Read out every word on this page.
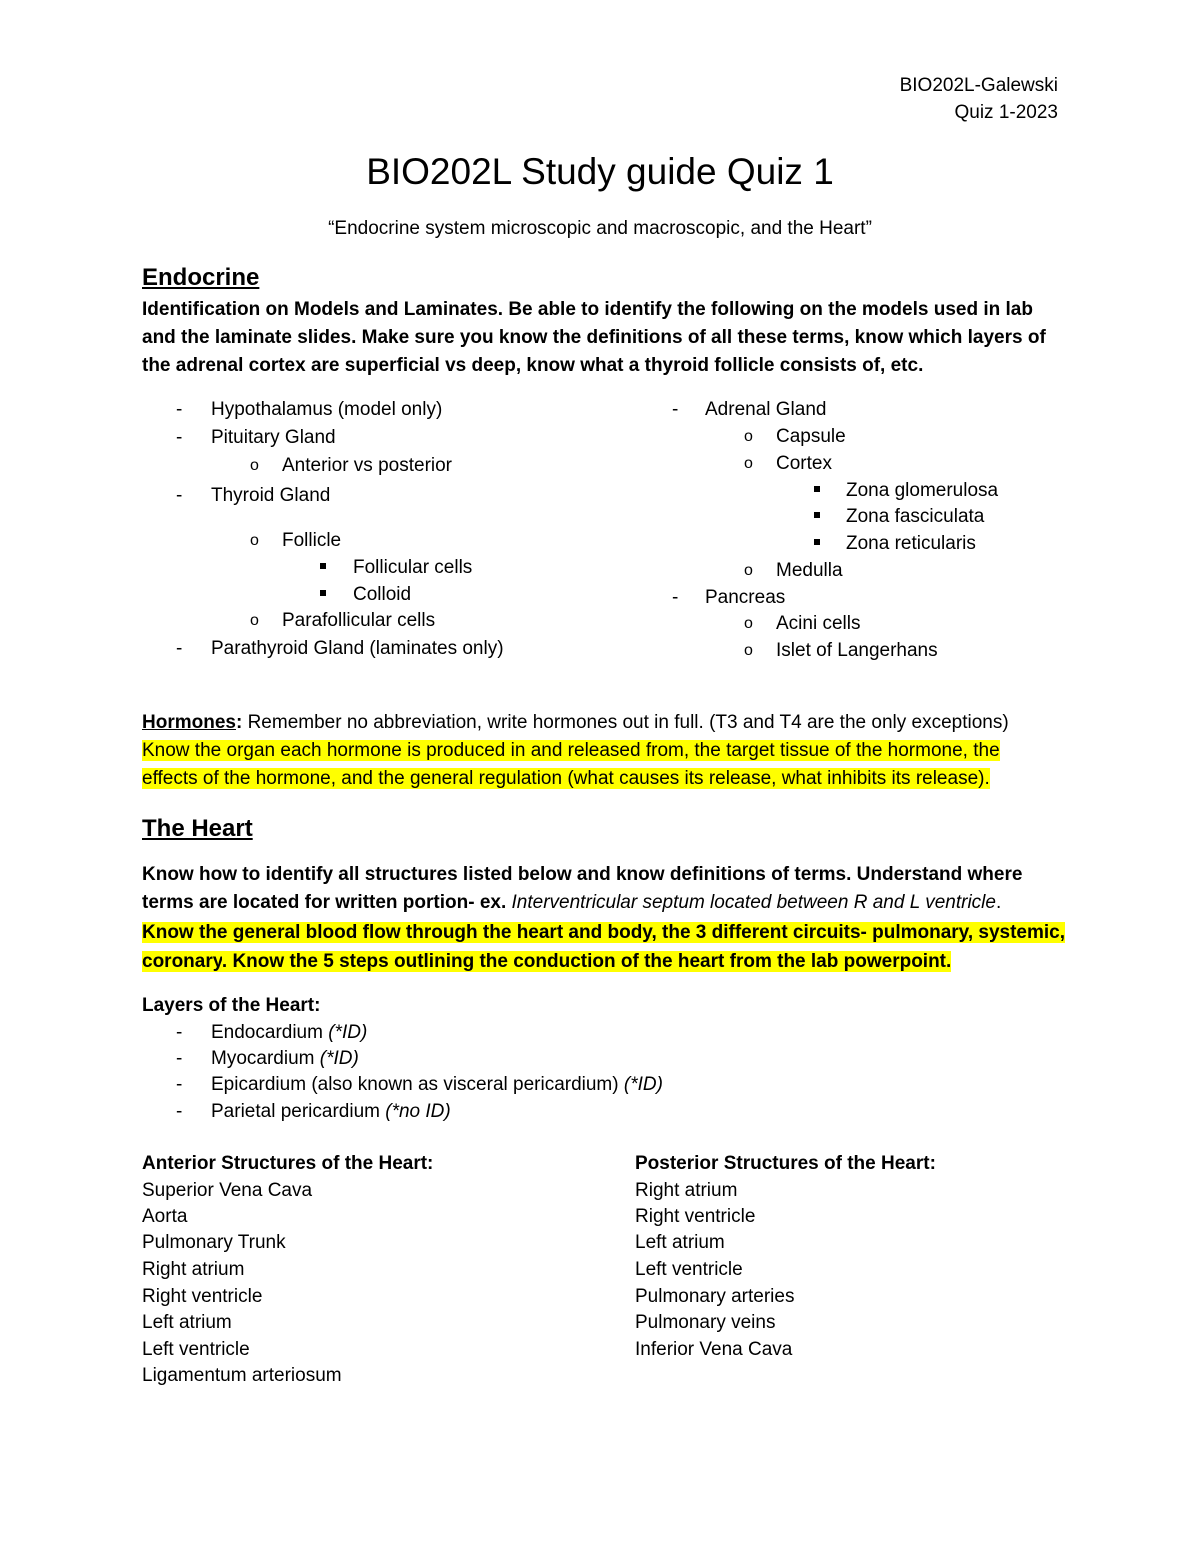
BIO202L-Galewski
Quiz 1-2023
BIO202L Study guide Quiz 1
“Endocrine system microscopic and macroscopic, and the Heart”
Endocrine
Identification on Models and Laminates. Be able to identify the following on the models used in lab
and the laminate slides. Make sure you know the definitions of all these terms, know which layers of
the adrenal cortex are superficial vs deep, know what a thyroid follicle consists of, etc.
- Hypothalamus (model only)
- Pituitary Gland
o Anterior vs posterior
- Thyroid Gland
o Follicle
Follicular cells
Colloid
o Parafollicular cells
- Parathyroid Gland (laminates only)
- Adrenal Gland
o Capsule
o Cortex
Zona glomerulosa
Zona fasciculata
Zona reticularis
o Medulla
- Pancreas
o Acini cells
o Islet of Langerhans
Hormones: Remember no abbreviation, write hormones out in full. (T3 and T4 are the only exceptions)
Know the organ each hormone is produced in and released from, the target tissue of the hormone, the
effects of the hormone, and the general regulation (what causes its release, what inhibits its release).
The Heart
Know how to identify all structures listed below and know definitions of terms. Understand where
terms are located for written portion- ex. Interventricular septum located between R and L ventricle.
Know the general blood flow through the heart and body, the 3 different circuits- pulmonary, systemic,
coronary. Know the 5 steps outlining the conduction of the heart from the lab powerpoint.
Layers of the Heart:
- Endocardium (*ID)
- Myocardium (*ID)
- Epicardium (also known as visceral pericardium) (*ID)
- Parietal pericardium (*no ID)
Anterior Structures of the Heart:
Superior Vena Cava
Aorta
Pulmonary Trunk
Right atrium
Right ventricle
Left atrium
Left ventricle
Ligamentum arteriosum
Posterior Structures of the Heart:
Right atrium
Right ventricle
Left atrium
Left ventricle
Pulmonary arteries
Pulmonary veins
Inferior Vena Cava
